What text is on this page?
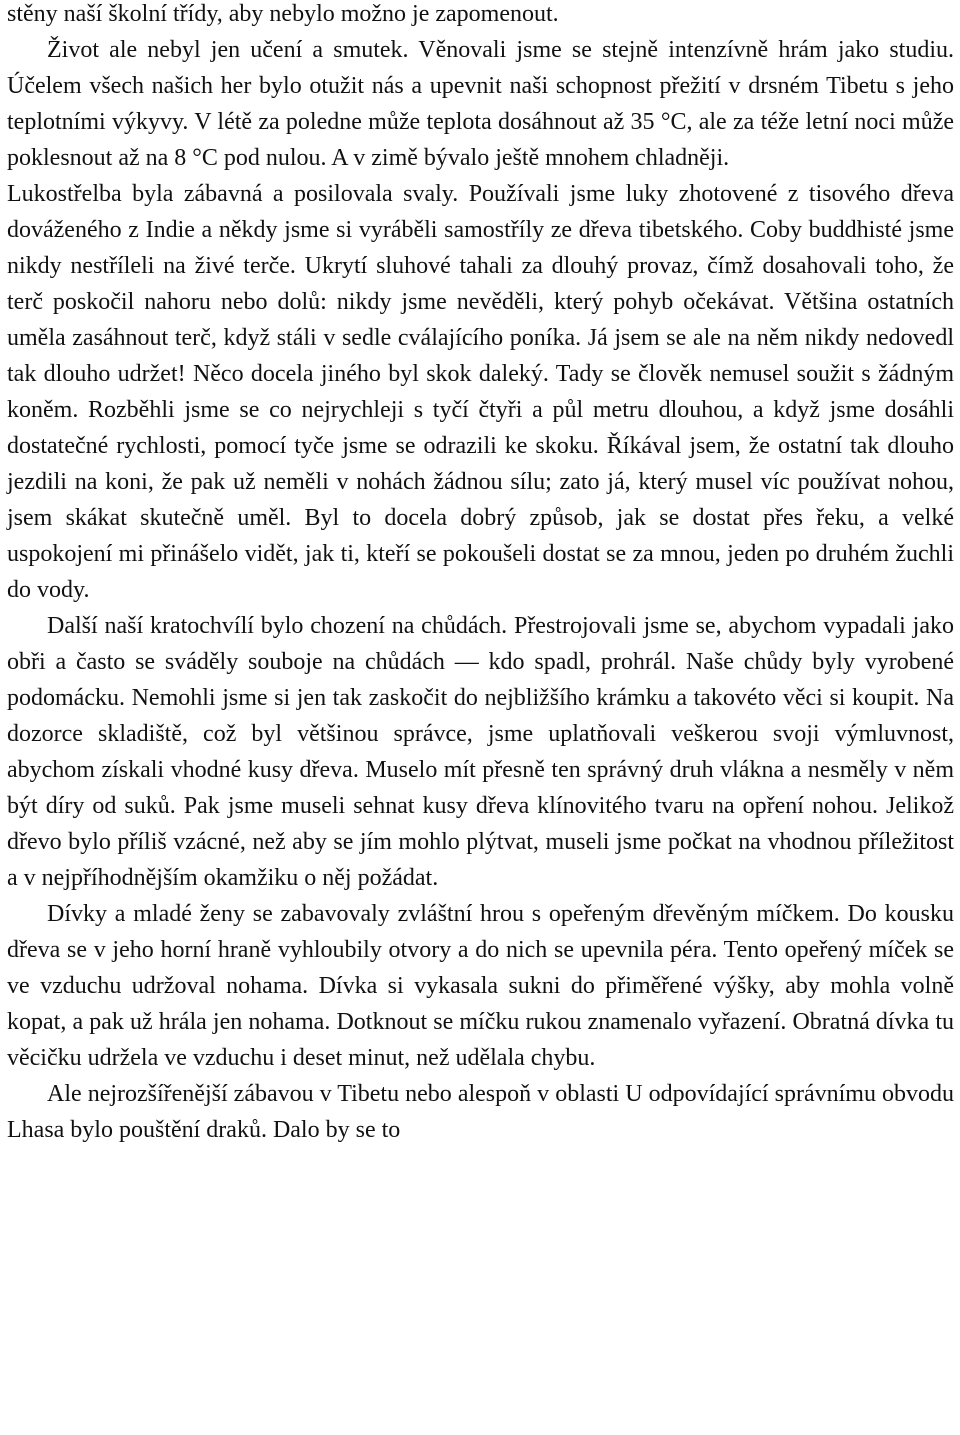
stěny naší školní třídy, aby nebylo možno je zapomenout.

Život ale nebyl jen učení a smutek. Věnovali jsme se stejně intenzívně hrám jako studiu. Účelem všech našich her bylo otužit nás a upevnit naši schopnost přežití v drsném Tibetu s jeho teplotními výkyvy. V létě za poledne může teplota dosáhnout až 35 °C, ale za téže letní noci může poklesnout až na 8 °C pod nulou. A v zimě bývalo ještě mnohem chladněji.

Lukostřelba byla zábavná a posilovala svaly. Používali jsme luky zhotovené z tisového dřeva dováženého z Indie a někdy jsme si vyráběli samostříly ze dřeva tibetského. Coby buddhisté jsme nikdy nestříleli na živé terče. Ukrytí sluhové tahali za dlouhý provaz, čímž dosahovali toho, že terč poskočil nahoru nebo dolů: nikdy jsme nevěděli, který pohyb očekávat. Většina ostatních uměla zasáhnout terč, když stáli v sedle cválajícího poníka. Já jsem se ale na něm nikdy nedovedl tak dlouho udržet! Něco docela jiného byl skok daleký. Tady se člověk nemusel soužit s žádným koněm. Rozběhli jsme se co nejrychleji s tyčí čtyři a půl metru dlouhou, a když jsme dosáhli dostatečné rychlosti, pomocí tyče jsme se odrazili ke skoku. Říkával jsem, že ostatní tak dlouho jezdili na koni, že pak už neměli v nohách žádnou sílu; zato já, který musel víc používat nohou, jsem skákat skutečně uměl. Byl to docela dobrý způsob, jak se dostat přes řeku, a velké uspokojení mi přinášelo vidět, jak ti, kteří se pokoušeli dostat se za mnou, jeden po druhém žuchli do vody.

Další naší kratochvílí bylo chození na chůdách. Přestrojovali jsme se, abychom vypadali jako obři a často se sváděly souboje na chůdách — kdo spadl, prohrál. Naše chůdy byly vyrobené podomácku. Nemohli jsme si jen tak zaskočit do nejbližšího krámku a takovéto věci si koupit. Na dozorce skladiště, což byl většinou správce, jsme uplatňovali veškerou svoji výmluvnost, abychom získali vhodné kusy dřeva. Muselo mít přesně ten správný druh vlákna a nesměly v něm být díry od suků. Pak jsme museli sehnat kusy dřeva klínovitého tvaru na opření nohou. Jelikož dřevo bylo příliš vzácné, než aby se jím mohlo plýtvat, museli jsme počkat na vhodnou příležitost a v nejpříhodnějším okamžiku o něj požádat.

Dívky a mladé ženy se zabavovaly zvláštní hrou s opeřeným dřevěným míčkem. Do kousku dřeva se v jeho horní hraně vyhloubily otvory a do nich se upevnila péra. Tento opeřený míček se ve vzduchu udržoval nohama. Dívka si vykasala sukni do přiměřené výšky, aby mohla volně kopat, a pak už hrála jen nohama. Dotknout se míčku rukou znamenalo vyřazení. Obratná dívka tu věcičku udržela ve vzduchu i deset minut, než udělala chybu.

Ale nejrozšířenější zábavou v Tibetu nebo alespoň v oblasti U odpovídající správnímu obvodu Lhasa bylo pouštění draků. Dalo by se to
